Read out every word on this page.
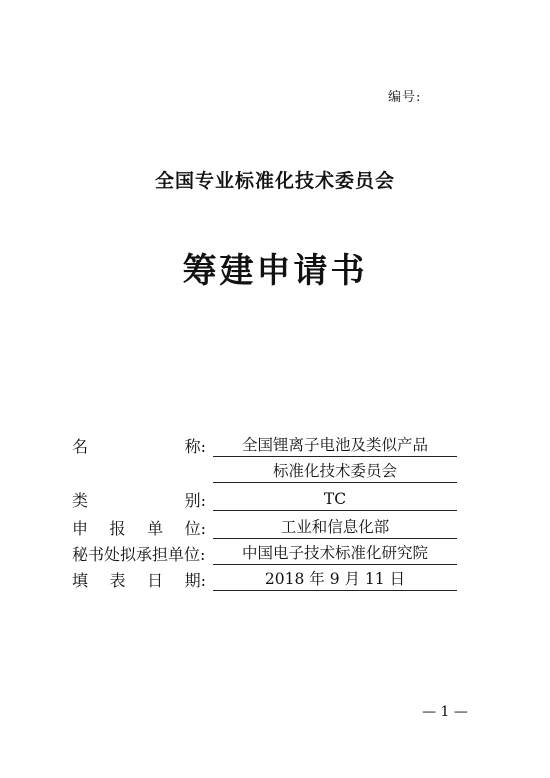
编号:
全国专业标准化技术委员会
筹建申请书
名	称:	全国锂离子电池及类似产品
标准化技术委员会
类	别:	TC
申 报 单 位:	工业和信息化部
秘书处拟承担单位:	中国电子技术标准化研究院
填 表 日 期:	2018 年 9 月 11 日
— 1 —
